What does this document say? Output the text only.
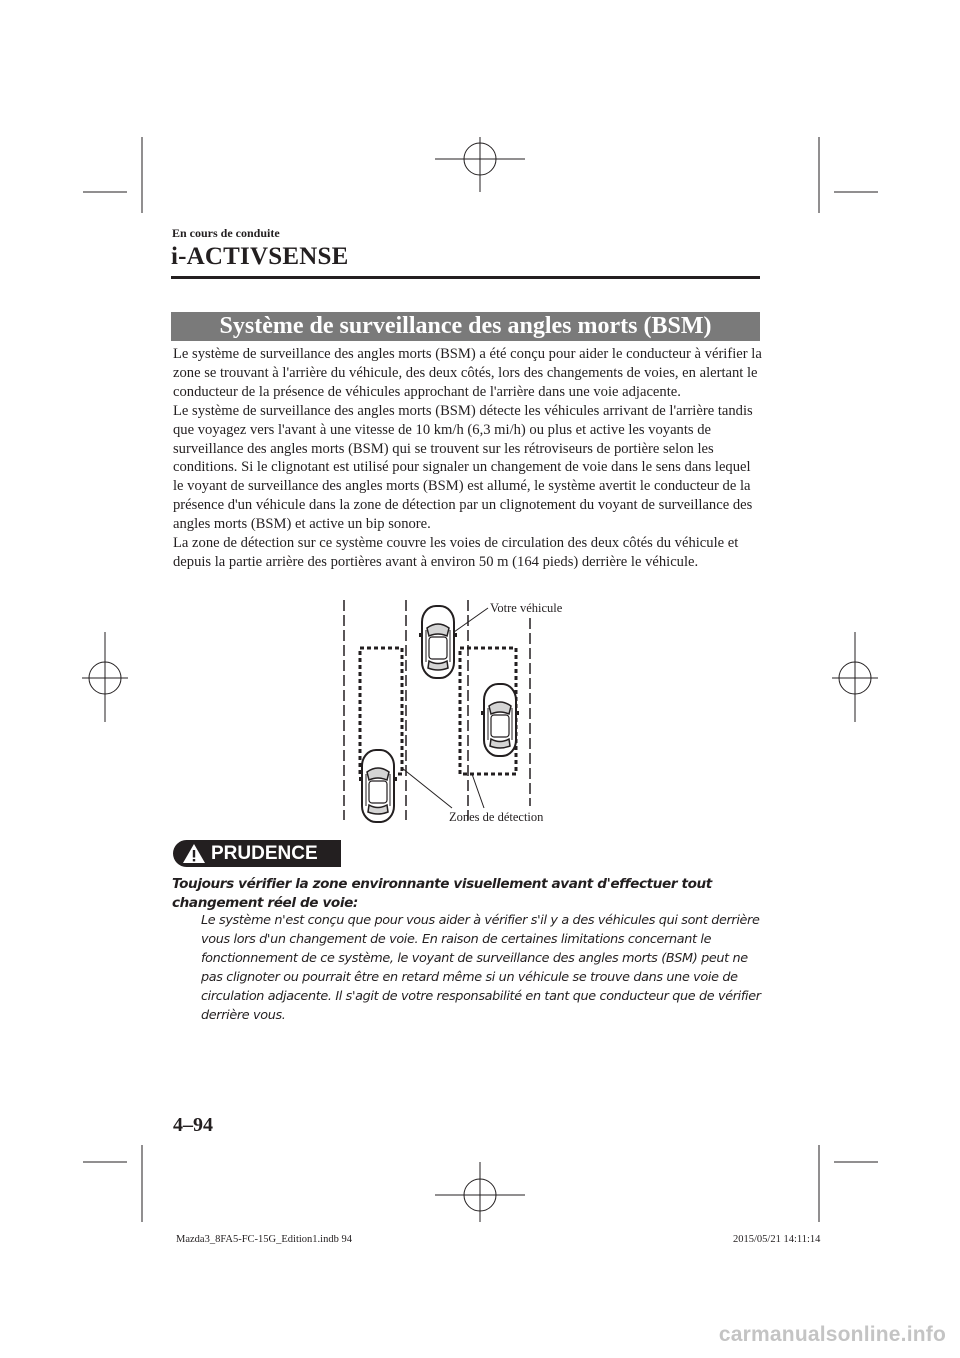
En cours de conduite
i-ACTIVSENSE
Système de surveillance des angles morts (BSM)

Le système de surveillance des angles morts (BSM) a été conçu pour aider le conducteur à vérifier la zone se trouvant à l'arrière du véhicule, des deux côtés, lors des changements de voies, en alertant le conducteur de la présence de véhicules approchant de l'arrière dans une voie adjacente.

Le système de surveillance des angles morts (BSM) détecte les véhicules arrivant de l'arrière tandis que voyagez vers l'avant à une vitesse de 10 km/h (6,3 mi/h) ou plus et active les voyants de surveillance des angles morts (BSM) qui se trouvent sur les rétroviseurs de portière selon les conditions. Si le clignotant est utilisé pour signaler un changement de voie dans le sens dans lequel le voyant de surveillance des angles morts (BSM) est allumé, le système avertit le conducteur de la présence d'un véhicule dans la zone de détection par un clignotement du voyant de surveillance des angles morts (BSM) et active un bip sonore.

La zone de détection sur ce système couvre les voies de circulation des deux côtés du véhicule et depuis la partie arrière des portières avant à environ 50 m (164 pieds) derrière le véhicule.

Votre véhicule
Zones de détection
PRUDENCE
Toujours vérifier la zone environnante visuellement avant d'effectuer tout changement réel de voie:
Le système n'est conçu que pour vous aider à vérifier s'il y a des véhicules qui sont derrière vous lors d'un changement de voie. En raison de certaines limitations concernant le fonctionnement de ce système, le voyant de surveillance des angles morts (BSM) peut ne pas clignoter ou pourrait être en retard même si un véhicule se trouve dans une voie de circulation adjacente. Il s'agit de votre responsabilité en tant que conducteur que de vérifier derrière vous.
4–94
Mazda3_8FA5-FC-15G_Edition1.indb 94	2015/05/21 14:11:14
carmanualsonline.info
